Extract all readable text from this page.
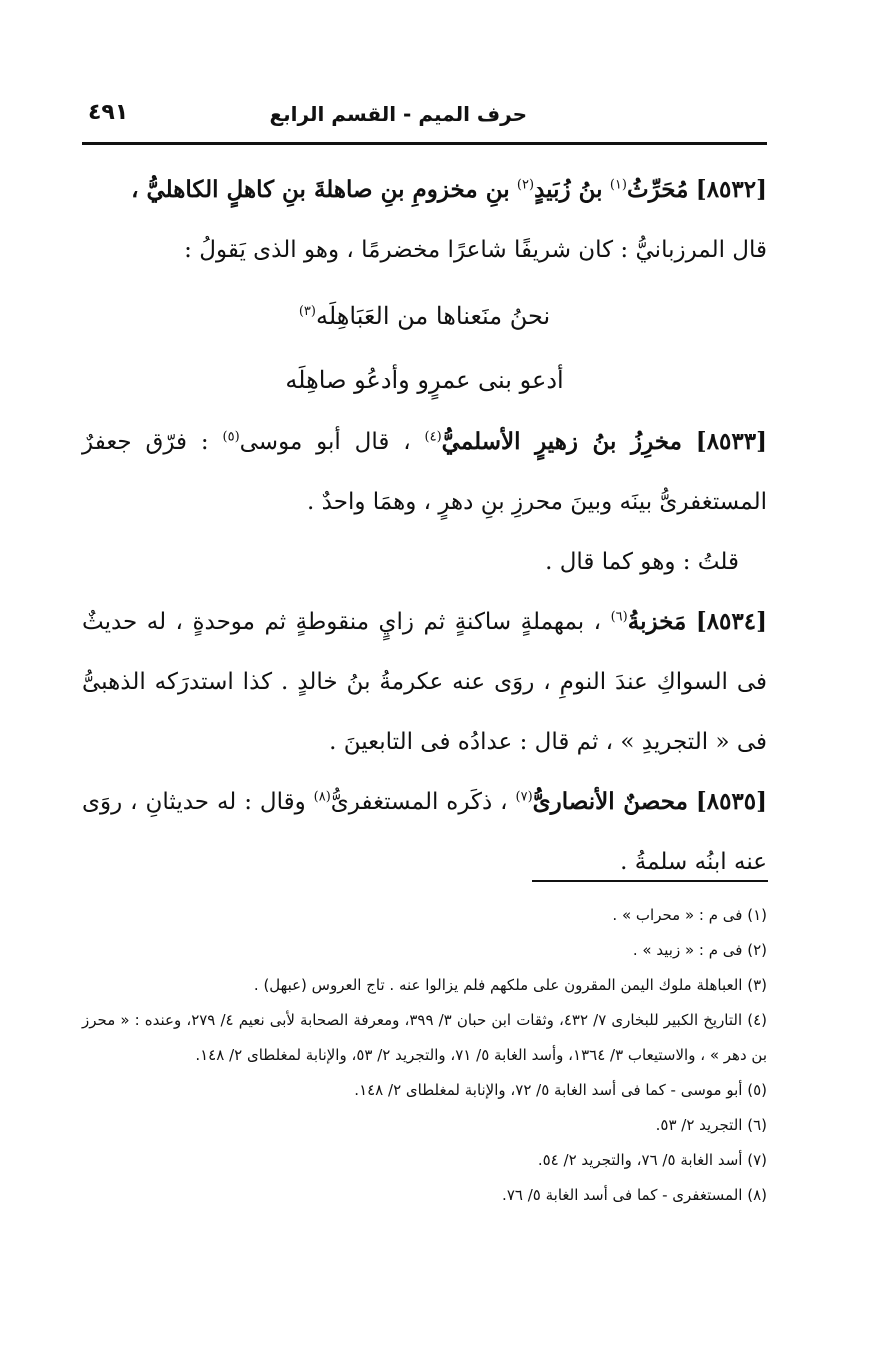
حرف الميم - القسم الرابع
٤٩١

[٨٥٣٢] مُحَرِّثُ$^{(١)}$ بنُ زُبَيدٍ$^{(٢)}$ بنِ مخزومِ بنِ صاهلةَ بنِ كاهلٍ الكاهليُّ ،
قال المرزبانيُّ : كان شريفًا شاعرًا مخضرمًا ، وهو الذى يَقولُ :

نحنُ منَعناها من العَبَاهِلَه(٣)
أدعو بنى عمرٍو وأدعُو صاهِلَه

[٨٥٣٣] مخرِزُ بنُ زهيرٍ الأسلميُّ$^{(٤)}$ ، قال أبو موسى$^{(٥)}$ : فرّق جعفرٌ المستغفرىُّ بينَه وبينَ محرزِ بنِ دهرٍ ، وهمَا واحدٌ .

قلتُ : وهو كما قال .

[٨٥٣٤] مَخزبةُ$^{(٦)}$ ، بمهملةٍ ساكنةٍ ثم زايٍ منقوطةٍ ثم موحدةٍ ، له حديثٌ فى السواكِ عندَ النومِ ، روَى عنه عكرمةُ بنُ خالدٍ . كذا استدرَكه الذهبىُّ فى « التجريدِ » ، ثم قال : عدادُه فى التابعينَ .

[٨٥٣٥] محصنٌ الأنصارىُّ$^{(٧)}$ ، ذكَره المستغفرىُّ$^{(٨)}$ وقال : له حديثانِ ، روَى عنه ابنُه سلمةُ .

(١) فى م : « محراب » .

(٢) فى م : « زبيد » .

(٣) العباهلة ملوك اليمن المقرون على ملكهم فلم يزالوا عنه . تاج العروس (عبهل) .

(٤) التاريخ الكبير للبخارى ٧/ ٤٣٢، وثقات ابن حبان ٣/ ٣٩٩، ومعرفة الصحابة لأبى نعيم ٤/ ٢٧٩، وعنده : « محرز بن دهر » ، والاستيعاب ٣/ ١٣٦٤، وأسد الغابة ٥/ ٧١، والتجريد ٢/ ٥٣، والإنابة لمغلطاى ٢/ ١٤٨.

(٥) أبو موسى - كما فى أسد الغابة ٥/ ٧٢، والإنابة لمغلطاى ٢/ ١٤٨.

(٦) التجريد ٢/ ٥٣.

(٧) أسد الغابة ٥/ ٧٦، والتجريد ٢/ ٥٤.

(٨) المستغفرى - كما فى أسد الغابة ٥/ ٧٦.
